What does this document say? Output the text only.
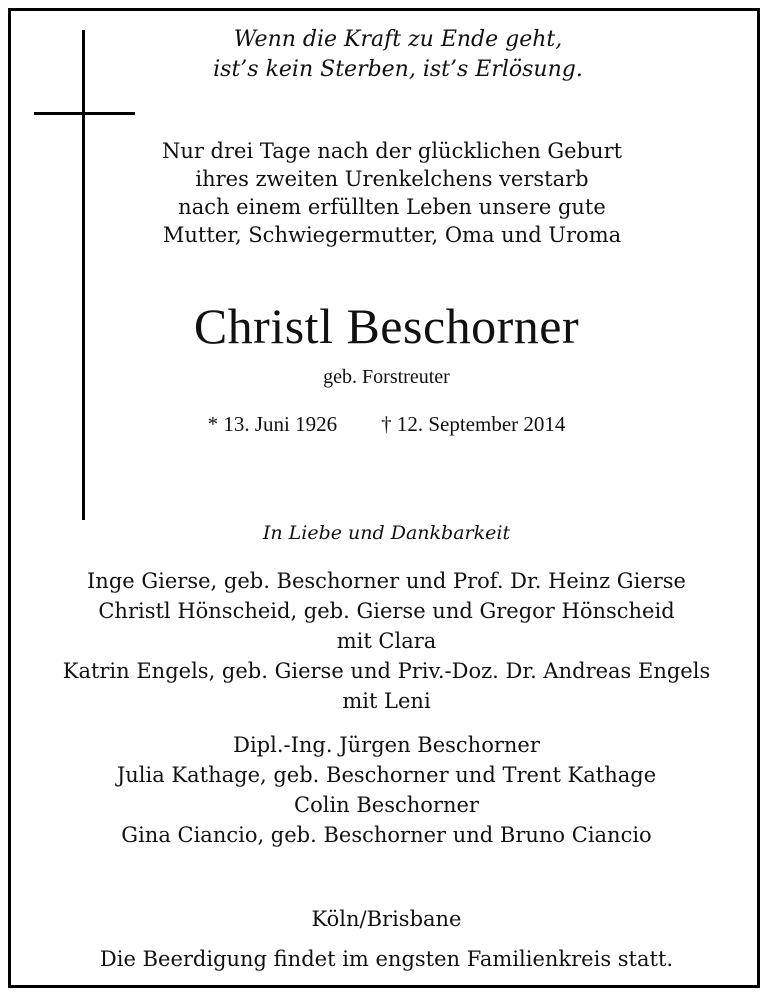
Wenn die Kraft zu Ende geht,
ist’s kein Sterben, ist’s Erlösung.
Nur drei Tage nach der glücklichen Geburt
ihres zweiten Urenkelchens verstarb
nach einem erfüllten Leben unsere gute
Mutter, Schwiegermutter, Oma und Uroma
Christl Beschorner
geb. Forstreuter
* 13. Juni 1926 † 12. September 2014
In Liebe und Dankbarkeit
Inge Gierse, geb. Beschorner und Prof. Dr. Heinz Gierse
Christl Hönscheid, geb. Gierse und Gregor Hönscheid
mit Clara
Katrin Engels, geb. Gierse und Priv.-Doz. Dr. Andreas Engels
mit Leni
Dipl.-Ing. Jürgen Beschorner
Julia Kathage, geb. Beschorner und Trent Kathage
Colin Beschorner
Gina Ciancio, geb. Beschorner und Bruno Ciancio
Köln/Brisbane
Die Beerdigung findet im engsten Familienkreis statt.
